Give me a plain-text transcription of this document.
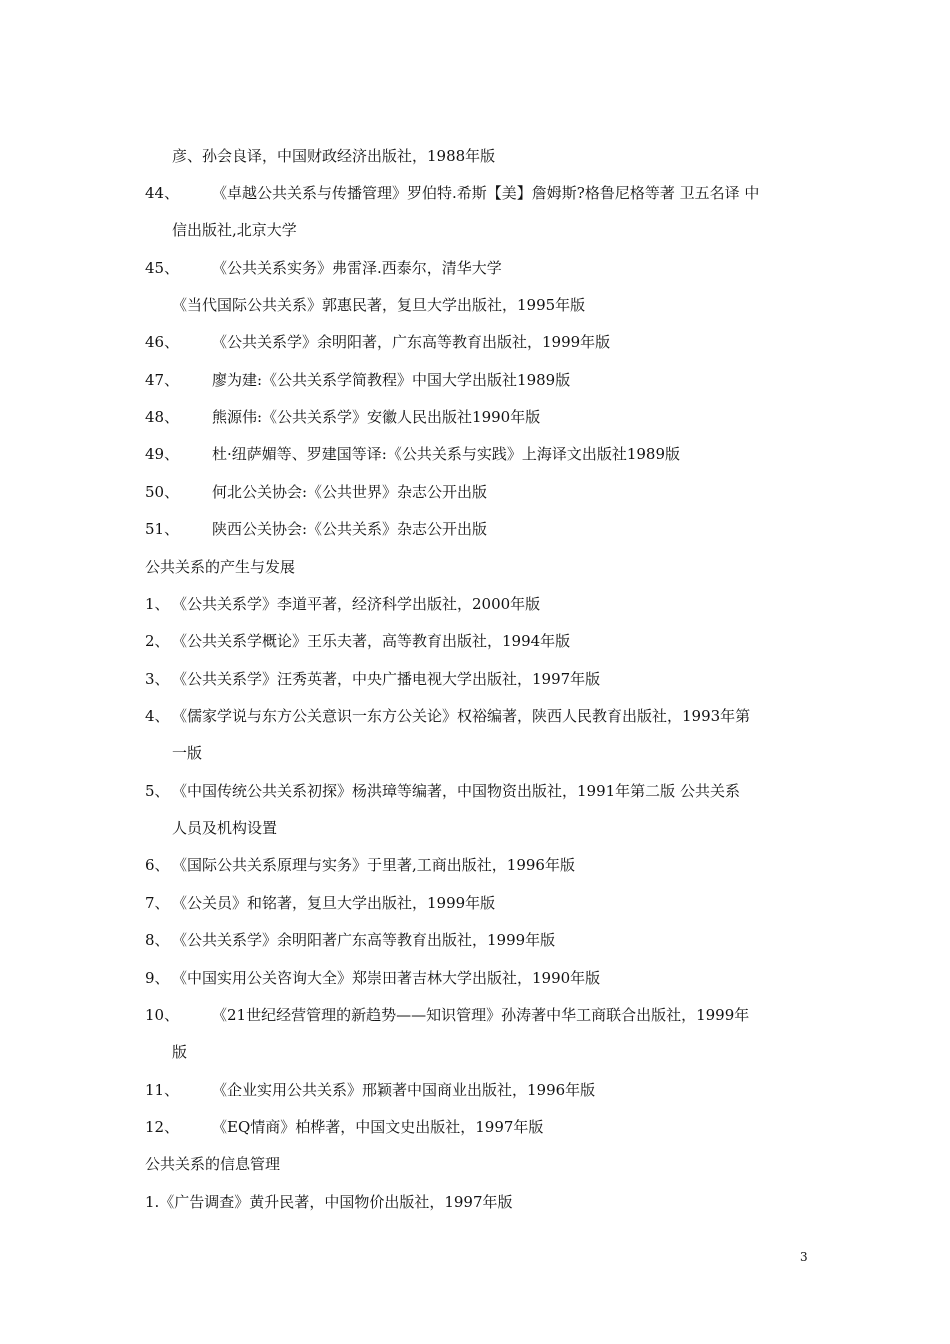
彦、孙会良译，中国财政经济出版社，1988年版
44、 《卓越公共关系与传播管理》罗伯特.希斯【美】詹姆斯?格鲁尼格等著 卫五名译 中
信出版社,北京大学
45、 《公共关系实务》弗雷泽.西泰尔，清华大学
《当代国际公共关系》郭惠民著，复旦大学出版社，1995年版
46、 《公共关系学》余明阳著，广东高等教育出版社，1999年版
47、 廖为建:《公共关系学简教程》中国大学出版社1989版
48、 熊源伟:《公共关系学》安徽人民出版社1990年版
49、 杜·纽萨媚等、罗建国等译:《公共关系与实践》上海译文出版社1989版
50、 何北公关协会:《公共世界》杂志公开出版
51、 陕西公关协会:《公共关系》杂志公开出版
公共关系的产生与发展
1、 《公共关系学》李道平著，经济科学出版社，2000年版
2、 《公共关系学概论》王乐夫著，高等教育出版社，1994年版
3、 《公共关系学》汪秀英著，中央广播电视大学出版社，1997年版
4、 《儒家学说与东方公关意识一东方公关论》权裕编著，陕西人民教育出版社，1993年第
一版
5、 《中国传统公共关系初探》杨洪璋等编著，中国物资出版社，1991年第二版 公共关系
人员及机构设置
6、 《国际公共关系原理与实务》于里著,工商出版社，1996年版
7、 《公关员》和铭著，复旦大学出版社，1999年版
8、 《公共关系学》余明阳著广东高等教育出版社，1999年版
9、 《中国实用公关咨询大全》郑崇田著吉林大学出版社，1990年版
10、 《21世纪经营管理的新趋势——知识管理》孙涛著中华工商联合出版社，1999年
版
11、 《企业实用公共关系》邢颖著中国商业出版社，1996年版
12、 《EQ情商》柏桦著，中国文史出版社，1997年版
公共关系的信息管理
1.《广告调查》黄升民著，中国物价出版社，1997年版
3
